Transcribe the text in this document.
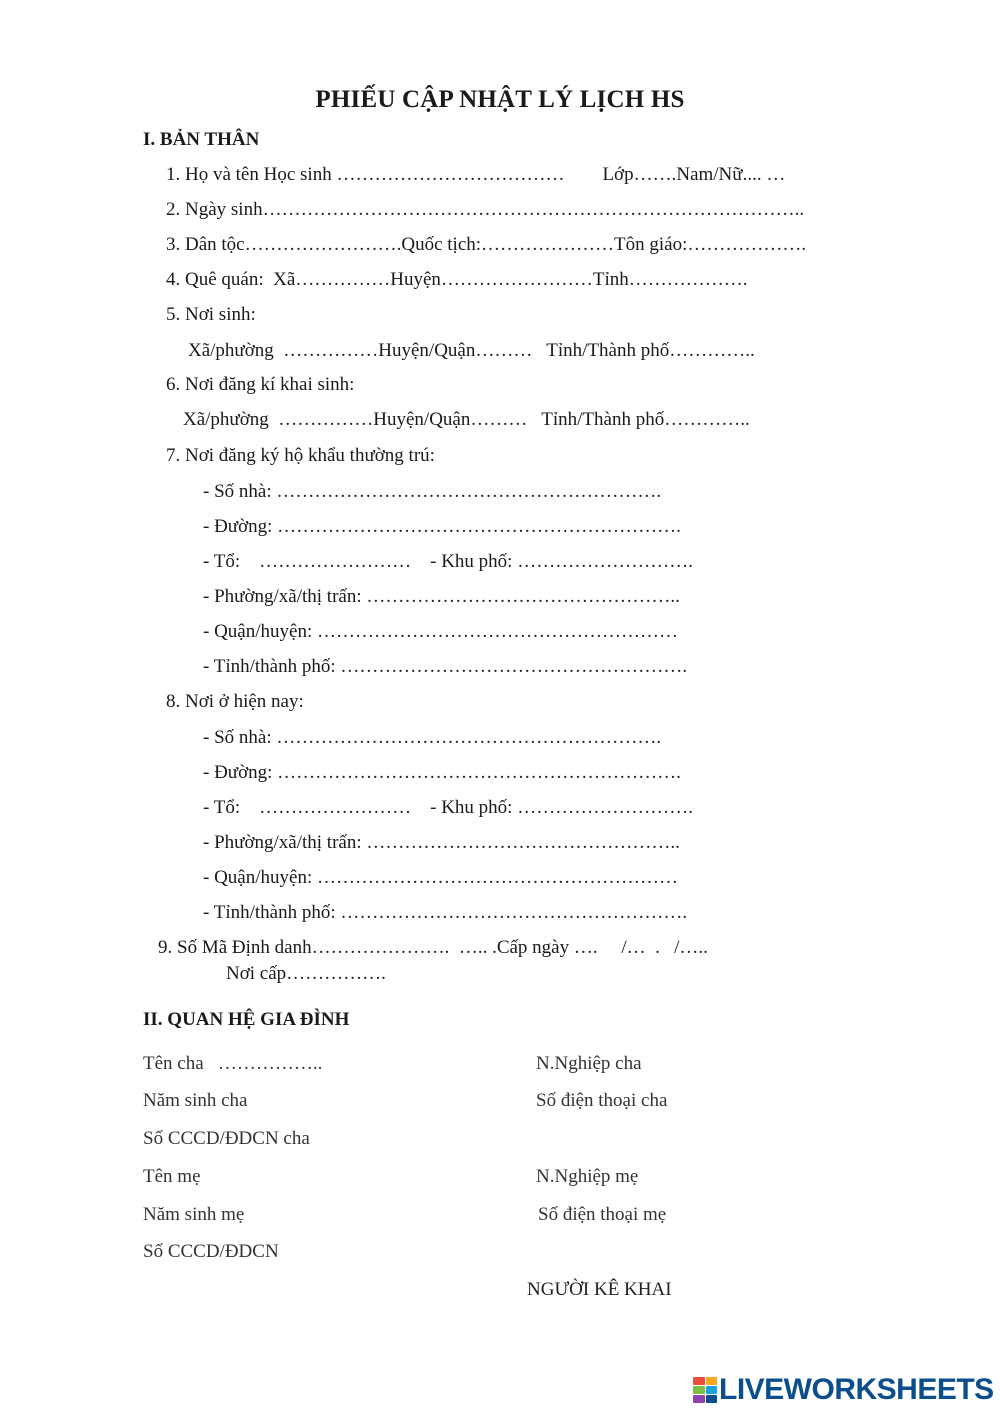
PHIẾU CẬP NHẬT LÝ LỊCH HS
I. BẢN THÂN
1. Họ và tên Học sinh ………………………………        Lớp…….Nam/Nữ.... …
2. Ngày sinh…………………………………………………………………………..
3. Dân tộc…………………….Quốc tịch:…………………Tôn giáo:……………….
4. Quê quán:  Xã……………Huyện……………………Tỉnh……………….
5. Nơi sinh:
Xã/phường  ……………Huyện/Quận………   Tỉnh/Thành phố…………..
6. Nơi đăng kí khai sinh:
Xã/phường  ……………Huyện/Quận………   Tỉnh/Thành phố…………..
7. Nơi đăng ký hộ khẩu thường trú:
- Số nhà: …………………………………………………….
- Đường: ……………………………………………………….
- Tổ:    ……………………    - Khu phố: ……………………….
- Phường/xã/thị trấn: …………………………………………..
- Quận/huyện: …………………………………………………
- Tỉnh/thành phố: ……………………………………………….
8. Nơi ở hiện nay:
- Số nhà: …………………………………………………….
- Đường: ……………………………………………………….
- Tổ:    ……………………    - Khu phố: ……………………….
- Phường/xã/thị trấn: …………………………………………..
- Quận/huyện: …………………………………………………
- Tỉnh/thành phố: ……………………………………………….
9. Số Mã Định danh………………….  ….. .Cấp ngày ….     /…  .   /…..
Nơi cấp…………….
II. QUAN HỆ GIA ĐÌNH
Tên cha   ……………..
Năm sinh cha
Số CCCD/ĐDCN cha
Tên mẹ
Năm sinh mẹ
Số CCCD/ĐDCN
N.Nghiệp cha
Số điện thoại cha
N.Nghiệp mẹ
Số điện thoại mẹ
NGƯỜI KÊ KHAI
LIVEWORKSHEETS
